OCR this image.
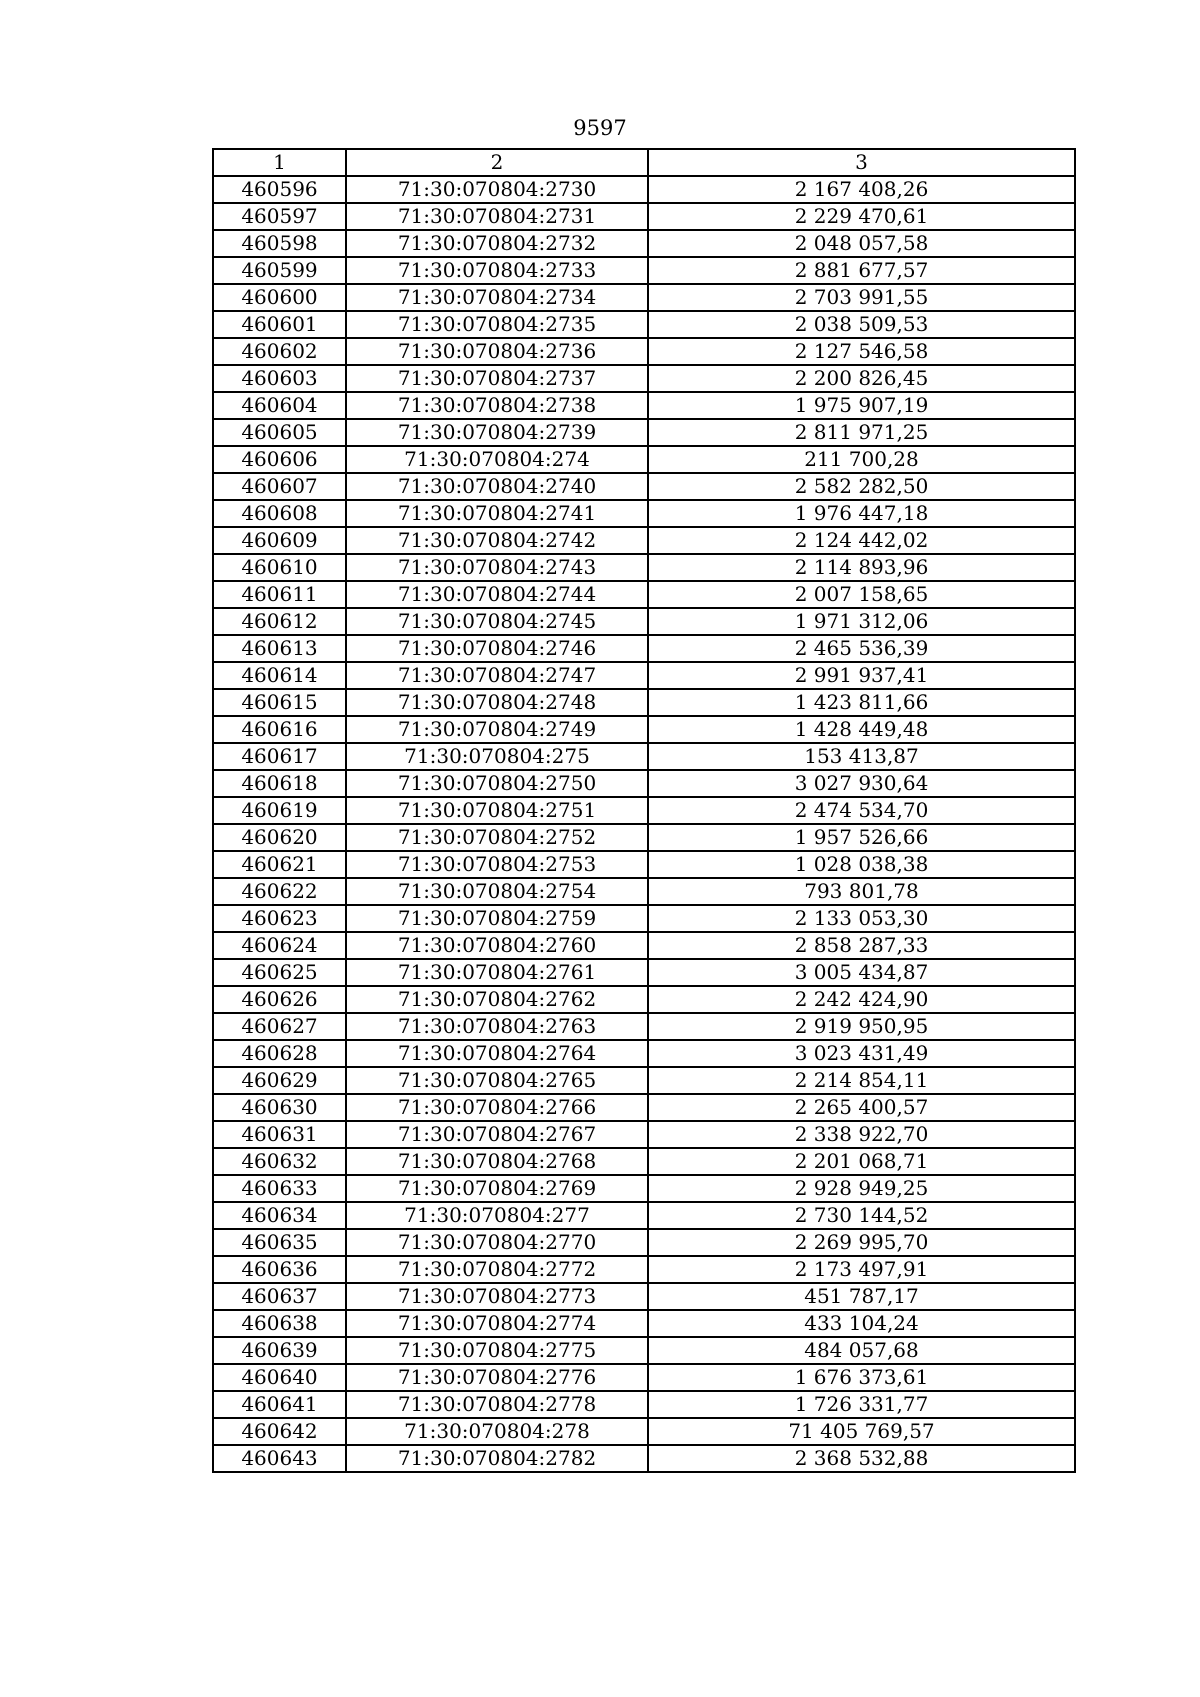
9597
1	2	3
460596	71:30:070804:2730	2 167 408,26
460597	71:30:070804:2731	2 229 470,61
460598	71:30:070804:2732	2 048 057,58
460599	71:30:070804:2733	2 881 677,57
460600	71:30:070804:2734	2 703 991,55
460601	71:30:070804:2735	2 038 509,53
460602	71:30:070804:2736	2 127 546,58
460603	71:30:070804:2737	2 200 826,45
460604	71:30:070804:2738	1 975 907,19
460605	71:30:070804:2739	2 811 971,25
460606	71:30:070804:274	211 700,28
460607	71:30:070804:2740	2 582 282,50
460608	71:30:070804:2741	1 976 447,18
460609	71:30:070804:2742	2 124 442,02
460610	71:30:070804:2743	2 114 893,96
460611	71:30:070804:2744	2 007 158,65
460612	71:30:070804:2745	1 971 312,06
460613	71:30:070804:2746	2 465 536,39
460614	71:30:070804:2747	2 991 937,41
460615	71:30:070804:2748	1 423 811,66
460616	71:30:070804:2749	1 428 449,48
460617	71:30:070804:275	153 413,87
460618	71:30:070804:2750	3 027 930,64
460619	71:30:070804:2751	2 474 534,70
460620	71:30:070804:2752	1 957 526,66
460621	71:30:070804:2753	1 028 038,38
460622	71:30:070804:2754	793 801,78
460623	71:30:070804:2759	2 133 053,30
460624	71:30:070804:2760	2 858 287,33
460625	71:30:070804:2761	3 005 434,87
460626	71:30:070804:2762	2 242 424,90
460627	71:30:070804:2763	2 919 950,95
460628	71:30:070804:2764	3 023 431,49
460629	71:30:070804:2765	2 214 854,11
460630	71:30:070804:2766	2 265 400,57
460631	71:30:070804:2767	2 338 922,70
460632	71:30:070804:2768	2 201 068,71
460633	71:30:070804:2769	2 928 949,25
460634	71:30:070804:277	2 730 144,52
460635	71:30:070804:2770	2 269 995,70
460636	71:30:070804:2772	2 173 497,91
460637	71:30:070804:2773	451 787,17
460638	71:30:070804:2774	433 104,24
460639	71:30:070804:2775	484 057,68
460640	71:30:070804:2776	1 676 373,61
460641	71:30:070804:2778	1 726 331,77
460642	71:30:070804:278	71 405 769,57
460643	71:30:070804:2782	2 368 532,88
